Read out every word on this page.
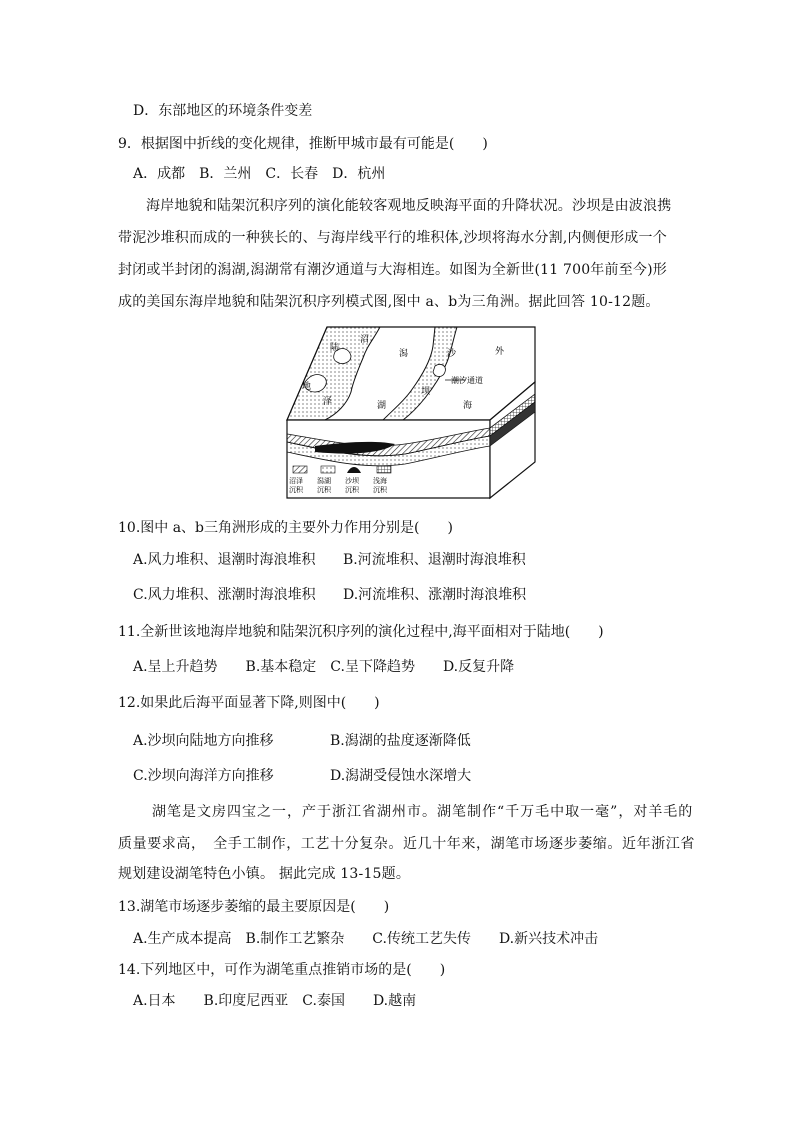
D．东部地区的环境条件变差
9．根据图中折线的变化规律，推断甲城市最有可能是(　　)
A．成都　B．兰州　C．长春　D．杭州
海岸地貌和陆架沉积序列的演化能较客观地反映海平面的升降状况。沙坝是由波浪携
带泥沙堆积而成的一种狭长的、与海岸线平行的堆积体,沙坝将海水分割,内侧便形成一个
封闭或半封闭的潟湖,潟湖常有潮汐通道与大海相连。如图为全新世(11 700年前至今)形
成的美国东海岸地貌和陆架沉积序列模式图,图中 a、b为三角洲。据此回答 10-12题。
陆
沼
地
泽
潟
湖
沙
坝
外
海
潮汐通道
沼泽
沉积
潟湖
沉积
沙坝
沉积
浅海
沉积
10.图中 a、b三角洲形成的主要外力作用分别是(　　)
A.风力堆积、退潮时海浪堆积 B.河流堆积、退潮时海浪堆积
C.风力堆积、涨潮时海浪堆积 D.河流堆积、涨潮时海浪堆积
11.全新世该地海岸地貌和陆架沉积序列的演化过程中,海平面相对于陆地(　　)
A.呈上升趋势　　B.基本稳定　C.呈下降趋势　　D.反复升降
12.如果此后海平面显著下降,则图中(　　)
A.沙坝向陆地方向推移	B.潟湖的盐度逐渐降低
C.沙坝向海洋方向推移	D.潟湖受侵蚀水深增大
湖笔是文房四宝之一，产于浙江省湖州市。湖笔制作“千万毛中取一毫”，对羊毛的
质量要求高，　全手工制作，工艺十分复杂。近几十年来，湖笔市场逐步萎缩。近年浙江省
规划建设湖笔特色小镇。 据此完成 13-15题。
13.湖笔市场逐步萎缩的最主要原因是(　　)
A.生产成本提高　B.制作工艺繁杂　　C.传统工艺失传　　D.新兴技术冲击
14.下列地区中，可作为湖笔重点推销市场的是(　　)
A.日本　　B.印度尼西亚　C.泰国　　D.越南
